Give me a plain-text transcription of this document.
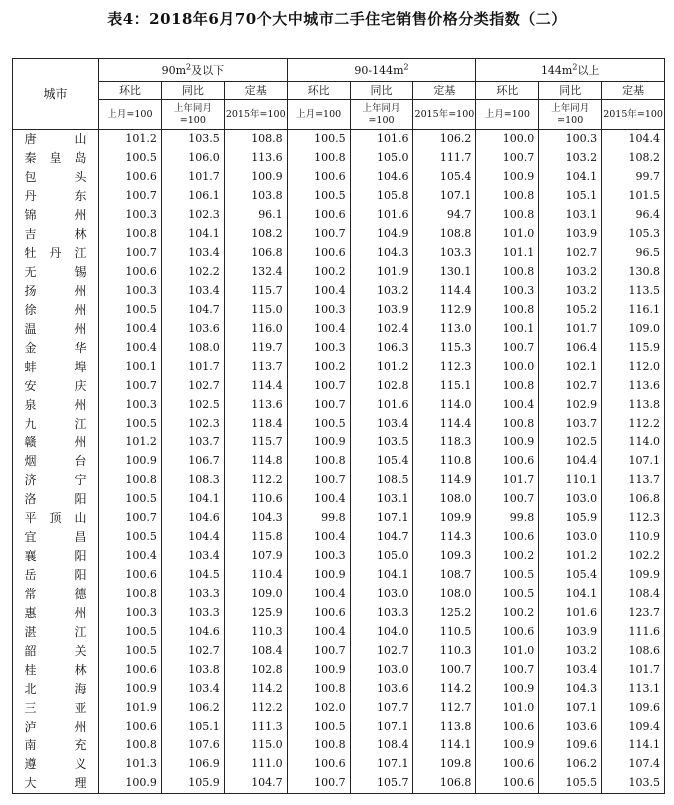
表4：2018年6月70个大中城市二手住宅销售价格分类指数（二）
城市	$90m^2$及以下			$90-144m^2$			$144m^2$以上		
	环比	同比	定基	环比	同比	定基	环比	同比	定基
	上月=100	上年同月=100	2015年=100	上月=100	上年同月=100	2015年=100	上月=100	上年同月=100	2015年=100
唐山	101.2	103.5	108.8	100.5	101.6	106.2	100.0	100.3	104.4
秦皇岛	100.5	106.0	113.6	100.8	105.0	111.7	100.7	103.2	108.2
包头	100.6	101.7	100.9	100.6	104.6	105.4	100.9	104.1	99.7
丹东	100.7	106.1	103.8	100.5	105.8	107.1	100.8	105.1	101.5
锦州	100.3	102.3	96.1	100.6	101.6	94.7	100.8	103.1	96.4
吉林	100.8	104.1	108.2	100.7	104.9	108.8	101.0	103.9	105.3
牡丹江	100.7	103.4	106.8	100.6	104.3	103.3	101.1	102.7	96.5
无锡	100.6	102.2	132.4	100.2	101.9	130.1	100.8	103.2	130.8
扬州	100.3	103.4	115.7	100.4	103.2	114.4	100.3	103.2	113.5
徐州	100.5	104.7	115.0	100.3	103.9	112.9	100.8	105.2	116.1
温州	100.4	103.6	116.0	100.4	102.4	113.0	100.1	101.7	109.0
金华	100.4	108.0	119.7	100.3	106.3	115.3	100.7	106.4	115.9
蚌埠	100.1	101.7	113.7	100.2	101.2	112.3	100.0	102.1	112.0
安庆	100.7	102.7	114.4	100.7	102.8	115.1	100.8	102.7	113.6
泉州	100.3	102.5	113.6	100.7	101.6	114.0	100.4	102.9	113.8
九江	100.5	102.3	118.4	100.5	103.4	114.4	100.8	103.7	112.2
赣州	101.2	103.7	115.7	100.9	103.5	118.3	100.9	102.5	114.0
烟台	100.9	106.7	114.8	100.8	105.4	110.8	100.6	104.4	107.1
济宁	100.8	108.3	112.2	100.7	108.5	114.9	101.7	110.1	113.7
洛阳	100.5	104.1	110.6	100.4	103.1	108.0	100.7	103.0	106.8
平顶山	100.7	104.6	104.3	99.8	107.1	109.9	99.8	105.9	112.3
宜昌	100.5	104.4	115.8	100.4	104.7	114.3	100.6	103.0	110.9
襄阳	100.4	103.4	107.9	100.3	105.0	109.3	100.2	101.2	102.2
岳阳	100.6	104.5	110.4	100.9	104.1	108.7	100.5	105.4	109.9
常德	100.8	103.3	109.0	100.4	103.0	108.0	100.5	104.1	108.4
惠州	100.3	103.3	125.9	100.6	103.3	125.2	100.2	101.6	123.7
湛江	100.5	104.6	110.3	100.4	104.0	110.5	100.6	103.9	111.6
韶关	100.5	102.7	108.4	100.7	102.7	110.3	101.0	103.2	108.6
桂林	100.6	103.8	102.8	100.9	103.0	100.7	100.7	103.4	101.7
北海	100.9	103.4	114.2	100.8	103.6	114.2	100.9	104.3	113.1
三亚	101.9	106.2	112.2	102.0	107.7	112.7	101.0	107.1	109.6
泸州	100.6	105.1	111.3	100.5	107.1	113.8	100.6	103.6	109.4
南充	100.8	107.6	115.0	100.8	108.4	114.1	100.9	109.6	114.1
遵义	101.3	106.9	111.0	100.6	107.1	109.8	100.6	106.2	107.4
大理	100.9	105.9	104.7	100.7	105.7	106.8	100.6	105.5	103.5
